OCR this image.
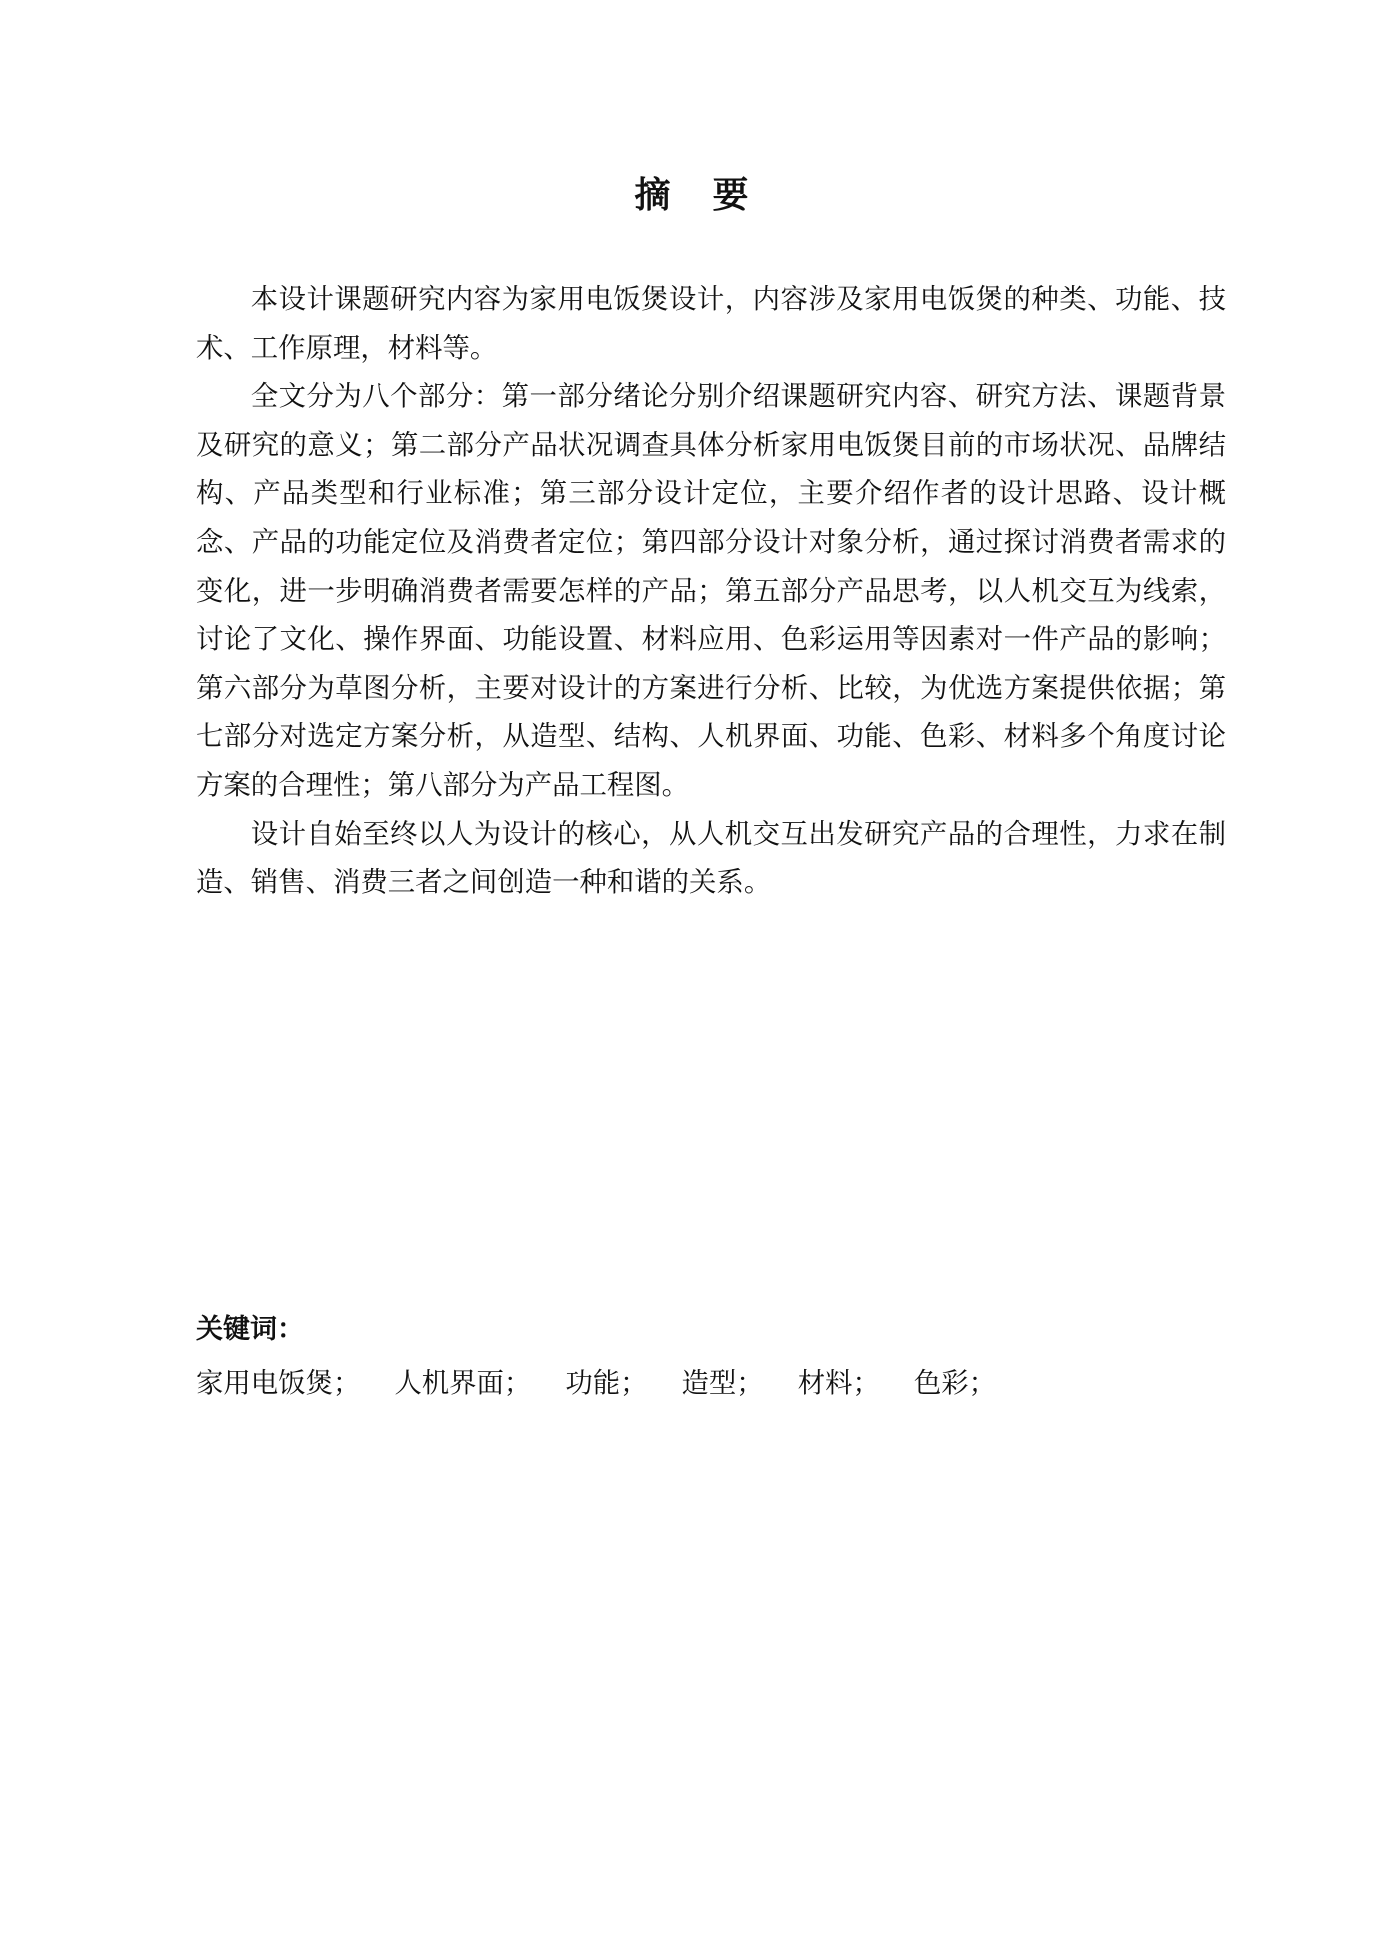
摘 要

本设计课题研究内容为家用电饭煲设计，内容涉及家用电饭煲的种类、功能、技术、工作原理，材料等。

全文分为八个部分：第一部分绪论分别介绍课题研究内容、研究方法、课题背景及研究的意义；第二部分产品状况调查具体分析家用电饭煲目前的市场状况、品牌结构、产品类型和行业标准；第三部分设计定位，主要介绍作者的设计思路、设计概念、产品的功能定位及消费者定位；第四部分设计对象分析，通过探讨消费者需求的变化，进一步明确消费者需要怎样的产品；第五部分产品思考，以人机交互为线索，讨论了文化、操作界面、功能设置、材料应用、色彩运用等因素对一件产品的影响；第六部分为草图分析，主要对设计的方案进行分析、比较，为优选方案提供依据；第七部分对选定方案分析，从造型、结构、人机界面、功能、色彩、材料多个角度讨论方案的合理性；第八部分为产品工程图。

设计自始至终以人为设计的核心，从人机交互出发研究产品的合理性，力求在制造、销售、消费三者之间创造一种和谐的关系。

关键词：
家用电饭煲； 人机界面； 功能； 造型； 材料； 色彩；
